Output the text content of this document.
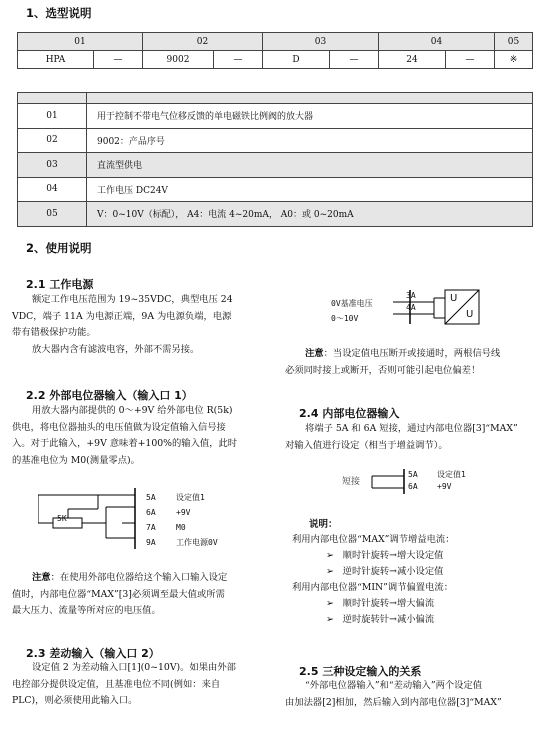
1、选型说明
01		02		03		04		05
HPA	—	9002	—	D	—	24	—	※

01	用于控制不带电气位移反馈的单电磁铁比例阀的放大器
02	9002：产品序号
03	直流型供电
04	工作电压 DC24V
05	V：0~10V（标配）， A4：电流 4~20mA， A0：或 0~20mA
2、使用说明
2.1 工作电源
额定工作电压范围为 19~35VDC，典型电压 24
VDC，端子 11A 为电源正端，9A 为电源负端，电源
带有错极保护功能。
放大器内含有滤波电容，外部不需另接。
2.2 外部电位器输入（输入口 1）
用放大器内部提供的 0～+9V 给外部电位 R(5k)
供电，将电位器抽头的电压值做为设定值输入信号接
入。对于此输入，+9V 意味着+100%的输入值，此时
的基准电位为 M0(测量零点)。
5K
5A
6A
7A
9A
设定值1
+9V
M0
工作电源0V
注意：在使用外部电位器给这个输入口输入设定
值时，内部电位器“MAX”[3]必须调至最大值或所需
最大压力、流量等所对应的电压值。
2.3 差动输入（输入口 2）
设定值 2 为差动输入口[1](0~10V)。如果由外部
电控部分提供设定值，且基准电位不同(例如：来自
PLC)，则必须使用此输入口。
0V基准电压
0～10V
3A
4A
U
U
注意：当设定值电压断开或接通时，两根信号线
必须同时接上或断开，否则可能引起电位偏差！
2.4 内部电位器输入
将端子 5A 和 6A 短接，通过内部电位器[3]“MAX”
对输入值进行设定（相当于增益调节）。
短接
5A
6A
设定值1
+9V
说明：
利用内部电位器“MAX”调节增益电流：
➢ 顺时针旋转→增大设定值
➢ 逆时针旋转→减小设定值
利用内部电位器“MIN”调节偏置电流：
➢ 顺时针旋转→增大偏流
➢ 逆时旋转针→减小偏流
2.5 三种设定输入的关系
“外部电位器输入”和“差动输入”两个设定值
由加法器[2]相加，然后输入到内部电位器[3]“MAX”
